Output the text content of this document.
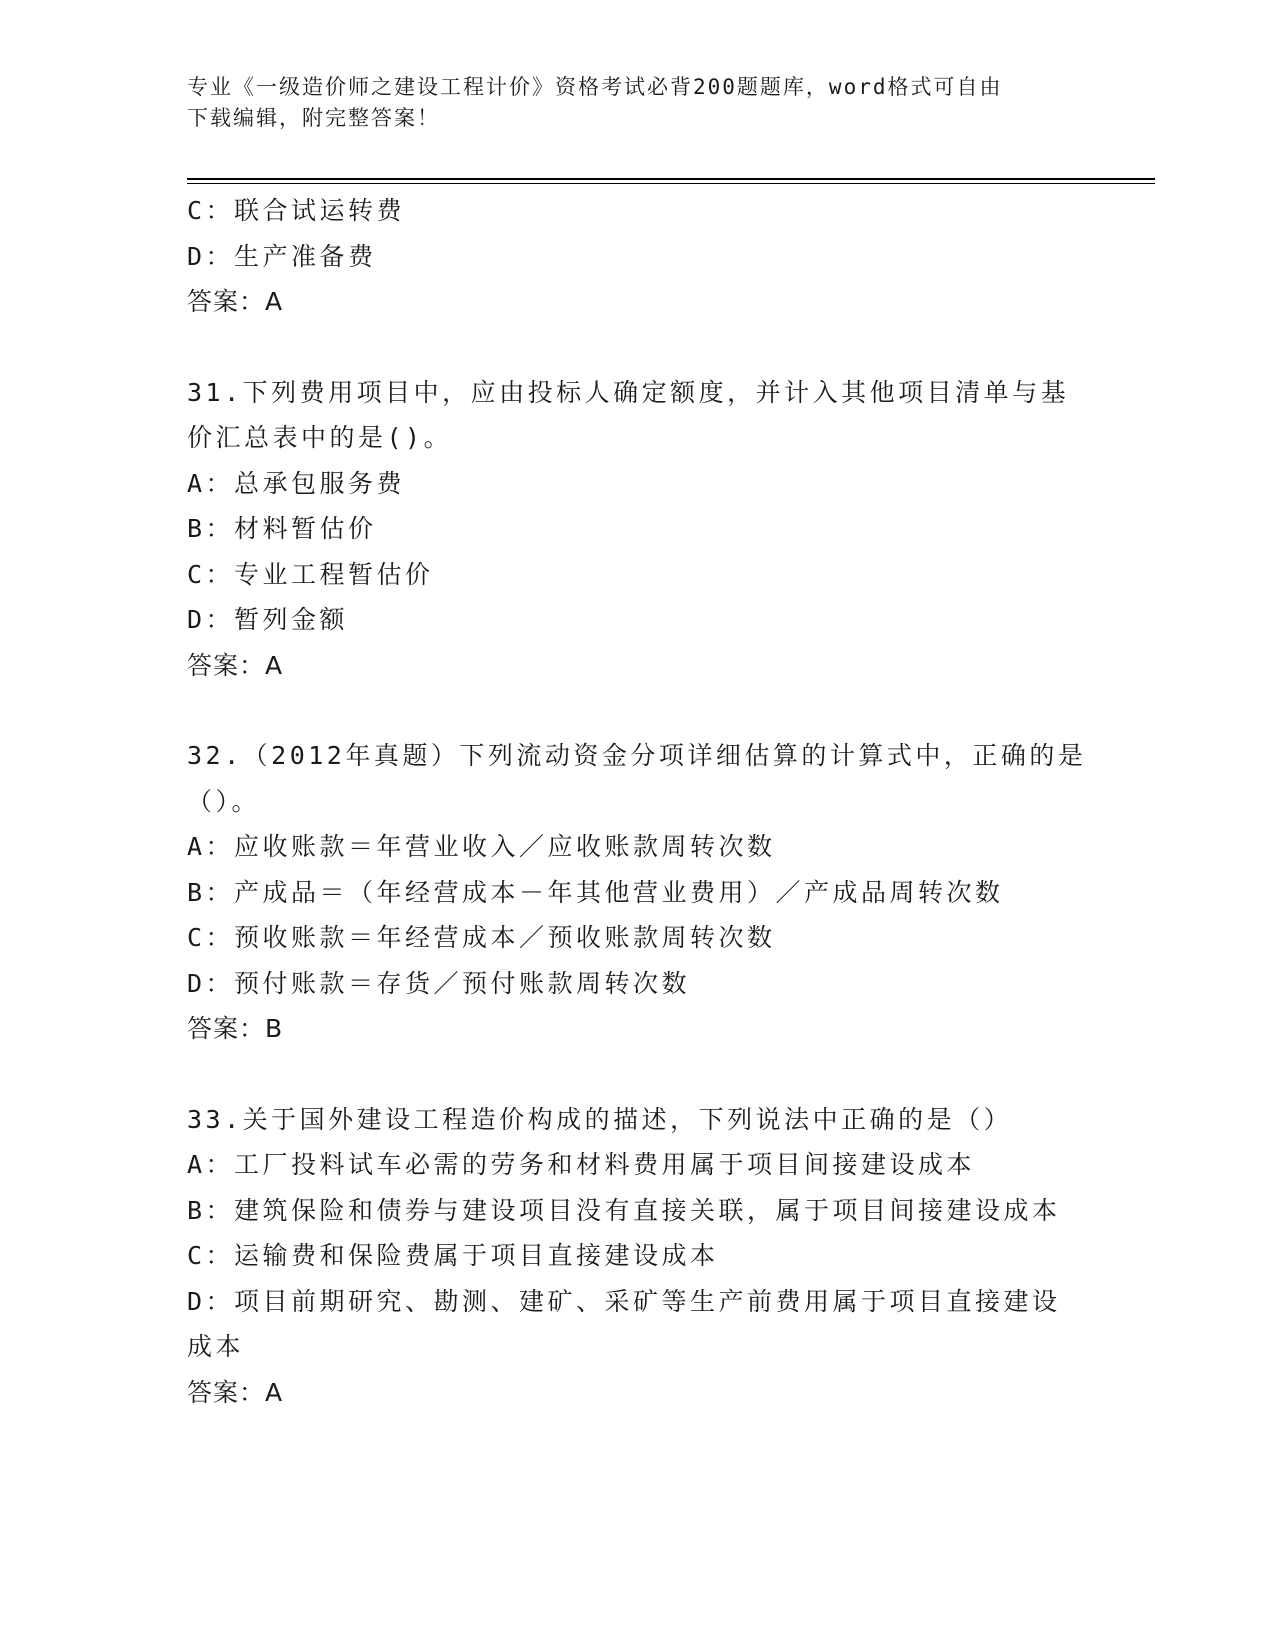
专业《一级造价师之建设工程计价》资格考试必背200题题库，word格式可自由
下载编辑，附完整答案！
C：联合试运转费
D：生产准备费
答案：A
31.下列费用项目中，应由投标人确定额度，并计入其他项目清单与基
价汇总表中的是()。
A：总承包服务费
B：材料暂估价
C：专业工程暂估价
D：暂列金额
答案：A
32.（2012年真题）下列流动资金分项详细估算的计算式中，正确的是
（）。
A：应收账款＝年营业收入／应收账款周转次数
B：产成品＝（年经营成本－年其他营业费用）／产成品周转次数
C：预收账款＝年经营成本／预收账款周转次数
D：预付账款＝存货／预付账款周转次数
答案：B
33.关于国外建设工程造价构成的描述，下列说法中正确的是（）
A：工厂投料试车必需的劳务和材料费用属于项目间接建设成本
B：建筑保险和债券与建设项目没有直接关联，属于项目间接建设成本
C：运输费和保险费属于项目直接建设成本
D：项目前期研究、勘测、建矿、采矿等生产前费用属于项目直接建设
成本
答案：A
